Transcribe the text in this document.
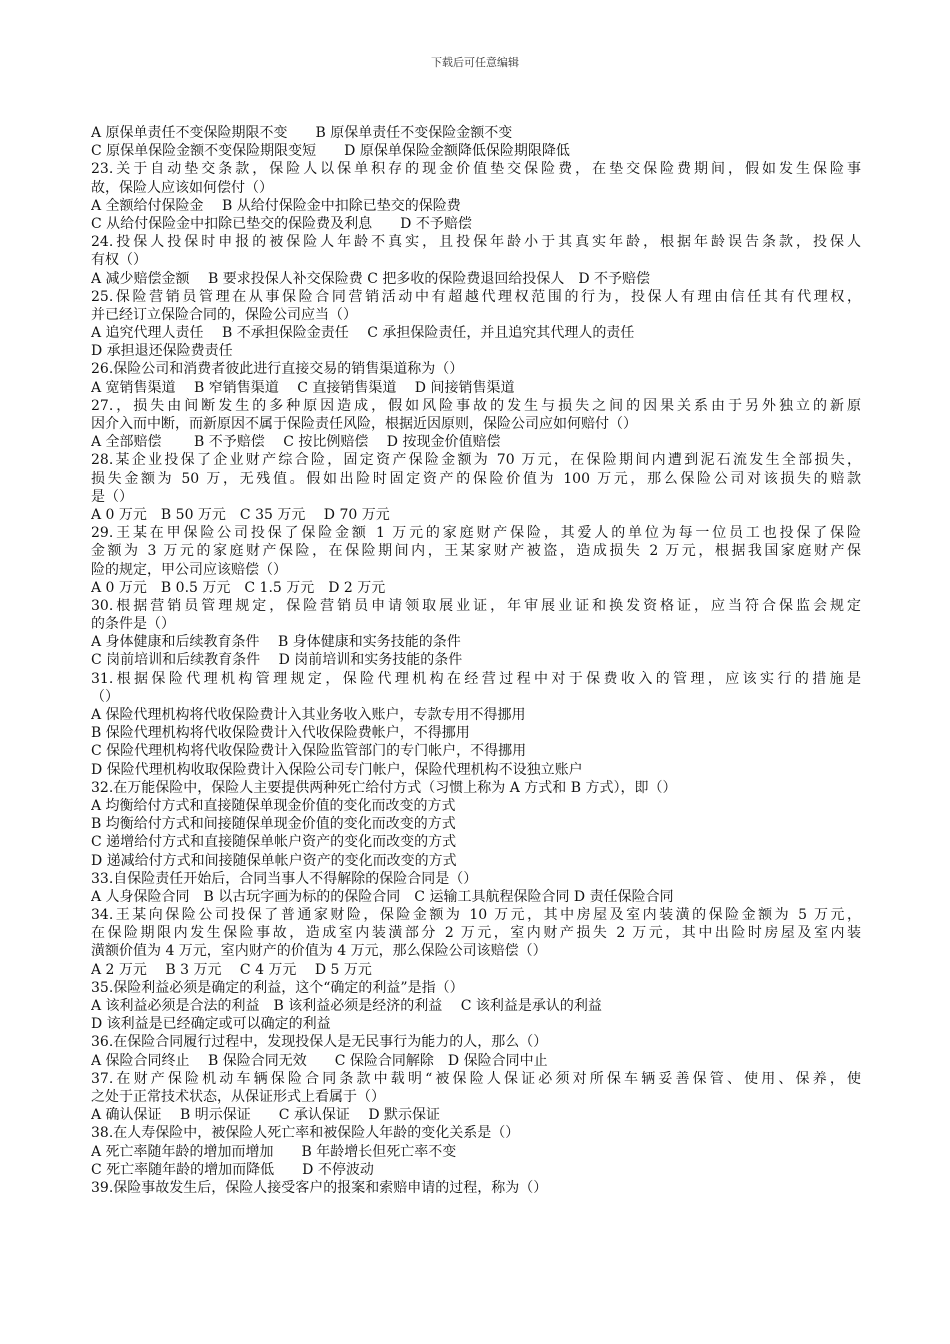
下载后可任意编辑
A 原保单责任不变保险期限不变　　B 原保单责任不变保险金额不变
C 原保单保险金额不变保险期限变短　　D 原保单保险金额降低保险期限降低
23.关于自动垫交条款，保险人以保单积存的现金价值垫交保险费，在垫交保险费期间，假如发生保险事
故，保险人应该如何偿付（）
A 全额给付保险金　 B 从给付保险金中扣除已垫交的保险费
C 从给付保险金中扣除已垫交的保险费及利息　　D 不予赔偿
24.投保人投保时申报的被保险人年龄不真实，且投保年龄小于其真实年龄，根据年龄误告条款，投保人
有权（）
A 减少赔偿金额　 B 要求投保人补交保险费 C 把多收的保险费退回给投保人　D 不予赔偿
25.保险营销员管理在从事保险合同营销活动中有超越代理权范围的行为，投保人有理由信任其有代理权，
并已经订立保险合同的，保险公司应当（）
A 追究代理人责任　 B 不承担保险金责任　 C 承担保险责任，并且追究其代理人的责任
D 承担退还保险费责任
26.保险公司和消费者彼此进行直接交易的销售渠道称为（）
A 宽销售渠道　 B 窄销售渠道　 C 直接销售渠道　 D 间接销售渠道
27.，损失由间断发生的多种原因造成，假如风险事故的发生与损失之间的因果关系由于另外独立的新原
因介入而中断，而新原因不属于保险责任风险，根据近因原则，保险公司应如何赔付（）
A 全部赔偿　　 B 不予赔偿　 C 按比例赔偿　 D 按现金价值赔偿
28.某企业投保了企业财产综合险，固定资产保险金额为 70 万元，在保险期间内遭到泥石流发生全部损失，
损失金额为 50 万，无残值。假如出险时固定资产的保险价值为 100 万元，那么保险公司对该损失的赔款
是（）
A 0 万元　B 50 万元　C 35 万元　 D 70 万元
29.王某在甲保险公司投保了保险金额 1 万元的家庭财产保险，其爱人的单位为每一位员工也投保了保险
金额为 3 万元的家庭财产保险，在保险期间内，王某家财产被盗，造成损失 2 万元，根据我国家庭财产保
险的规定，甲公司应该赔偿（）
A 0 万元　B 0.5 万元　C 1.5 万元　D 2 万元
30.根据营销员管理规定，保险营销员申请领取展业证，年审展业证和换发资格证，应当符合保监会规定
的条件是（）
A 身体健康和后续教育条件　 B 身体健康和实务技能的条件
C 岗前培训和后续教育条件　 D 岗前培训和实务技能的条件
31.根据保险代理机构管理规定，保险代理机构在经营过程中对于保费收入的管理，应该实行的措施是
（）
A 保险代理机构将代收保险费计入其业务收入账户，专款专用不得挪用
B 保险代理机构将代收保险费计入代收保险费帐户，不得挪用
C 保险代理机构将代收保险费计入保险监管部门的专门帐户，不得挪用
D 保险代理机构收取保险费计入保险公司专门帐户，保险代理机构不设独立账户
32.在万能保险中，保险人主要提供两种死亡给付方式（习惯上称为 A 方式和 B 方式），即（）
A 均衡给付方式和直接随保单现金价值的变化而改变的方式
B 均衡给付方式和间接随保单现金价值的变化而改变的方式
C 递增给付方式和直接随保单帐户资产的变化而改变的方式
D 递减给付方式和间接随保单帐户资产的变化而改变的方式
33.自保险责任开始后，合同当事人不得解除的保险合同是（）
A 人身保险合同　B 以古玩字画为标的的保险合同　C 运输工具航程保险合同 D 责任保险合同
34.王某向保险公司投保了普通家财险，保险金额为 10 万元，其中房屋及室内装潢的保险金额为 5 万元，
在保险期限内发生保险事故，造成室内装潢部分 2 万元，室内财产损失 2 万元，其中出险时房屋及室内装
潢额价值为 4 万元，室内财产的价值为 4 万元，那么保险公司该赔偿（）
A 2 万元　 B 3 万元　 C 4 万元　 D 5 万元
35.保险利益必须是确定的利益，这个“确定的利益”是指（）
A 该利益必须是合法的利益　B 该利益必须是经济的利益　 C 该利益是承认的利益
D 该利益是已经确定或可以确定的利益
36.在保险合同履行过程中，发现投保人是无民事行为能力的人，那么（）
A 保险合同终止　 B 保险合同无效　　C 保险合同解除　D 保险合同中止
37.在财产保险机动车辆保险合同条款中载明“被保险人保证必须对所保车辆妥善保管、使用、保养，使
之处于正常技术状态，从保证形式上看属于（）
A 确认保证　 B 明示保证　　C 承认保证　 D 默示保证
38.在人寿保险中，被保险人死亡率和被保险人年龄的变化关系是（）
A 死亡率随年龄的增加而增加　　B 年龄增长但死亡率不变
C 死亡率随年龄的增加而降低　　D 不停波动
39.保险事故发生后，保险人接受客户的报案和索赔申请的过程，称为（）
